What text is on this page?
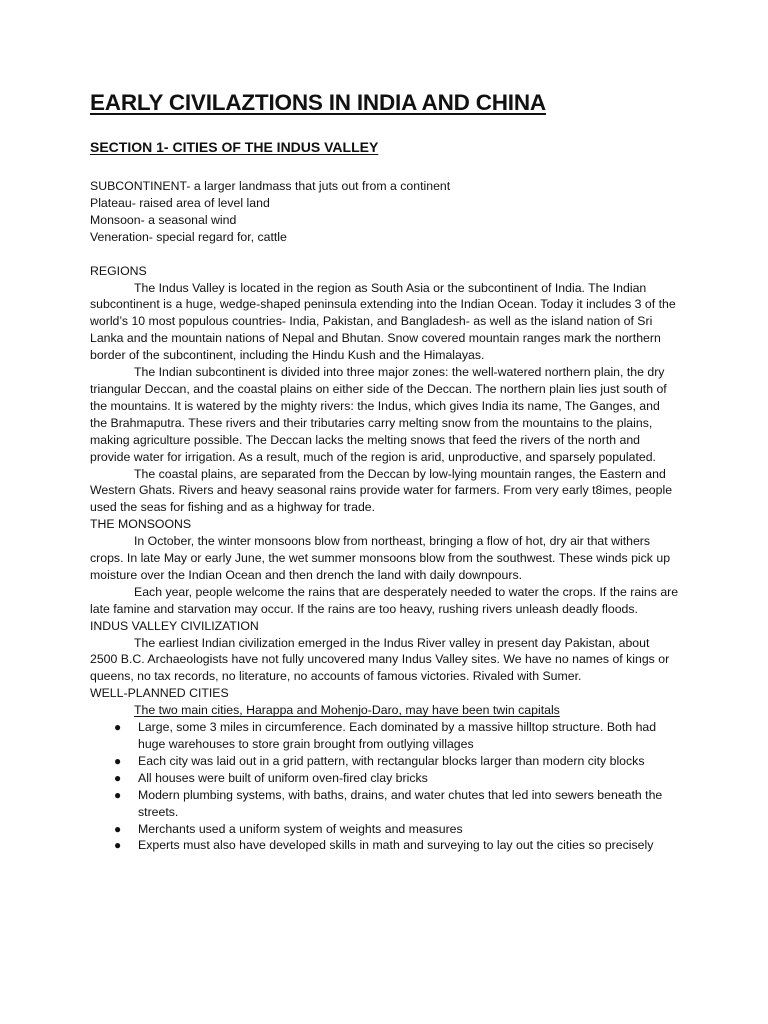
EARLY CIVILAZTIONS IN INDIA AND CHINA
SECTION 1- CITIES OF THE INDUS VALLEY

SUBCONTINENT- a larger landmass that juts out from a continent

Plateau- raised area of level land

Monsoon- a seasonal wind

Veneration- special regard for, cattle

REGIONS

The Indus Valley is located in the region as South Asia or the subcontinent of India. The Indian subcontinent is a huge, wedge-shaped peninsula extending into the Indian Ocean. Today it includes 3 of the world’s 10 most populous countries- India, Pakistan, and Bangladesh- as well as the island nation of Sri Lanka and the mountain nations of Nepal and Bhutan. Snow covered mountain ranges mark the northern border of the subcontinent, including the Hindu Kush and the Himalayas.

The Indian subcontinent is divided into three major zones: the well-watered northern plain, the dry triangular Deccan, and the coastal plains on either side of the Deccan. The northern plain lies just south of the mountains. It is watered by the mighty rivers: the Indus, which gives India its name, The Ganges, and the Brahmaputra. These rivers and their tributaries carry melting snow from the mountains to the plains, making agriculture possible. The Deccan lacks the melting snows that feed the rivers of the north and provide water for irrigation. As a result, much of the region is arid, unproductive, and sparsely populated.

The coastal plains, are separated from the Deccan by low-lying mountain ranges, the Eastern and Western Ghats. Rivers and heavy seasonal rains provide water for farmers. From very early t8imes, people used the seas for fishing and as a highway for trade.

THE MONSOONS

In October, the winter monsoons blow from northeast, bringing a flow of hot, dry air that withers crops. In late May or early June, the wet summer monsoons blow from the southwest. These winds pick up moisture over the Indian Ocean and then drench the land with daily downpours.

Each year, people welcome the rains that are desperately needed to water the crops. If the rains are late famine and starvation may occur. If the rains are too heavy, rushing rivers unleash deadly floods.

INDUS VALLEY CIVILIZATION

The earliest Indian civilization emerged in the Indus River valley in present day Pakistan, about 2500 B.C. Archaeologists have not fully uncovered many Indus Valley sites. We have no names of kings or queens, no tax records, no literature, no accounts of famous victories. Rivaled with Sumer.

WELL-PLANNED CITIES

The two main cities, Harappa and Mohenjo-Daro, may have been twin capitals

● Large, some 3 miles in circumference. Each dominated by a massive hilltop structure. Both had huge warehouses to store grain brought from outlying villages
● Each city was laid out in a grid pattern, with rectangular blocks larger than modern city blocks
● All houses were built of uniform oven-fired clay bricks
● Modern plumbing systems, with baths, drains, and water chutes that led into sewers beneath the streets.
● Merchants used a uniform system of weights and measures
● Experts must also have developed skills in math and surveying to lay out the cities so precisely
